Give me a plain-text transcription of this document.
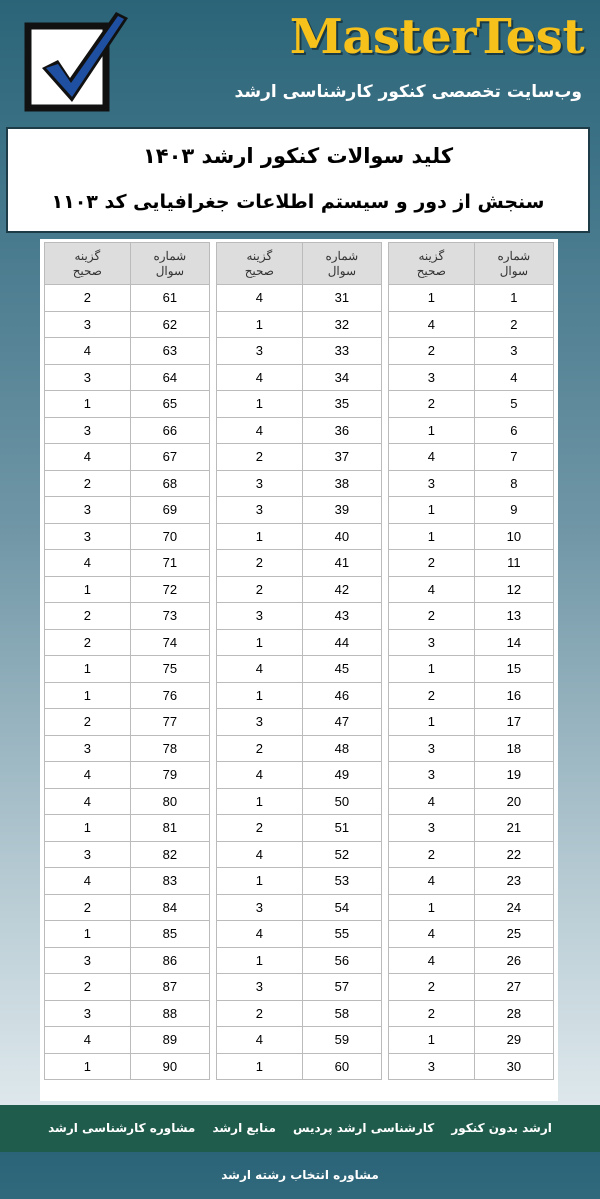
MasterTest
وب‌سایت تخصصی کنکور کارشناسی ارشد
کلید سوالات کنکور ارشد ۱۴۰۳
سنجش از دور و سیستم اطلاعات جغرافیایی کد ۱۱۰۳
شماره
سوال	گزینه
صحیح
1	1
2	4
3	2
4	3
5	2
6	1
7	4
8	3
9	1
10	1
11	2
12	4
13	2
14	3
15	1
16	2
17	1
18	3
19	3
20	4
21	3
22	2
23	4
24	1
25	4
26	4
27	2
28	2
29	1
30	3
شماره
سوال	گزینه
صحیح
31	4
32	1
33	3
34	4
35	1
36	4
37	2
38	3
39	3
40	1
41	2
42	2
43	3
44	1
45	4
46	1
47	3
48	2
49	4
50	1
51	2
52	4
53	1
54	3
55	4
56	1
57	3
58	2
59	4
60	1
شماره
سوال	گزینه
صحیح
61	2
62	3
63	4
64	3
65	1
66	3
67	4
68	2
69	3
70	3
71	4
72	1
73	2
74	2
75	1
76	1
77	2
78	3
79	4
80	4
81	1
82	3
83	4
84	2
85	1
86	3
87	2
88	3
89	4
90	1
ارشد بدون کنکور کارشناسی ارشد پردیس منابع ارشد مشاوره کارشناسی ارشد مشاوره انتخاب رشته ارشد
